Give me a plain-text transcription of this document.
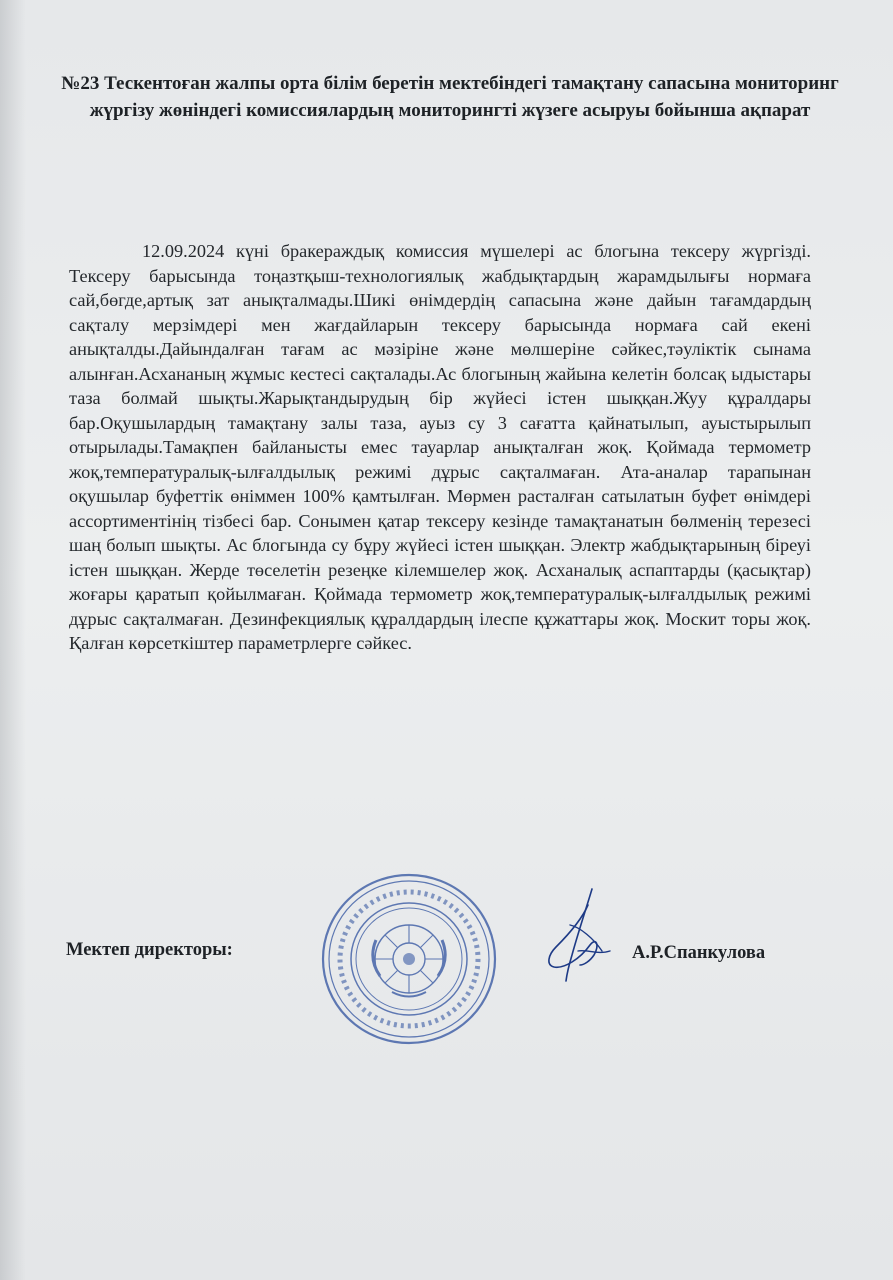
№23 Тескентоған жалпы орта білім беретін мектебіндегі тамақтану сапасына мониторинг жүргізу жөніндегі комиссиялардың мониторингті жүзеге асыруы бойынша ақпарат

12.09.2024 күні бракераждық комиссия мүшелері ас блогына тексеру жүргізді. Тексеру барысында тоңазтқыш-технологиялық жабдықтардың жарамдылығы нормаға сай,бөгде,артық зат анықталмады.Шикі өнімдердің сапасына және дайын тағамдардың сақталу мерзімдері мен жағдайларын тексеру барысында нормаға сай екені анықталды.Дайындалған тағам ас мәзіріне және мөлшеріне сәйкес,тәуліктік сынама алынған.Асхананың жұмыс кестесі сақталады.Ас блогының жайына келетін болсақ ыдыстары таза болмай шықты.Жарықтандырудың бір жүйесі істен шыққан.Жуу құралдары бар.Оқушылардың тамақтану залы таза, ауыз су 3 сағатта қайнатылып, ауыстырылып отырылады.Тамақпен байланысты емес тауарлар анықталған жоқ. Қоймада термометр жоқ,температуралық-ылғалдылық режимі дұрыс сақталмаған. Ата-аналар тарапынан оқушылар буфеттік өніммен 100% қамтылған. Мөрмен расталған сатылатын буфет өнімдері ассортиментінің тізбесі бар. Сонымен қатар тексеру кезінде тамақтанатын бөлменің терезесі шаң болып шықты. Ас блогында су бұру жүйесі істен шыққан. Электр жабдықтарының біреуі істен шыққан. Жерде төселетін резеңке кілемшелер жоқ. Асханалық аспаптарды (қасықтар) жоғары қаратып қойылмаған. Қоймада термометр жоқ,температуралық-ылғалдылық режимі дұрыс сақталмаған. Дезинфекциялық құралдардың ілеспе құжаттары жоқ. Москит торы жоқ. Қалған көрсеткіштер параметрлерге сәйкес.

Мектеп директоры:	А.Р.Спанкулова
